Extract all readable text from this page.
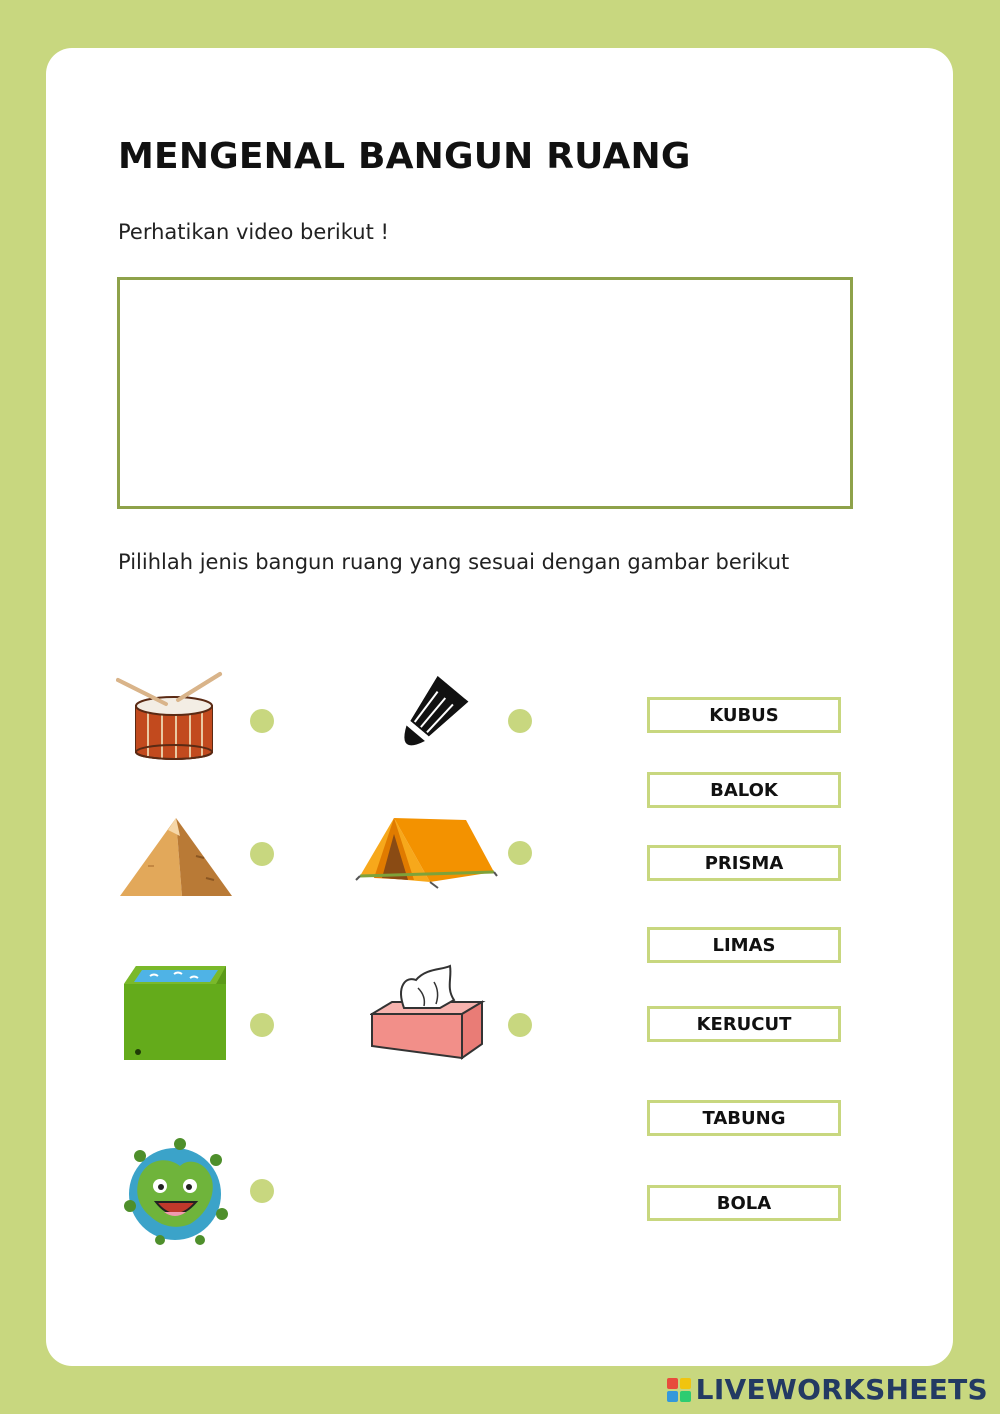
MENGENAL BANGUN RUANG
Perhatikan video berikut !
Pilihlah jenis bangun ruang yang sesuai dengan gambar berikut
KUBUS
BALOK
PRISMA
LIMAS
KERUCUT
TABUNG
BOLA
LIVEWORKSHEETS
